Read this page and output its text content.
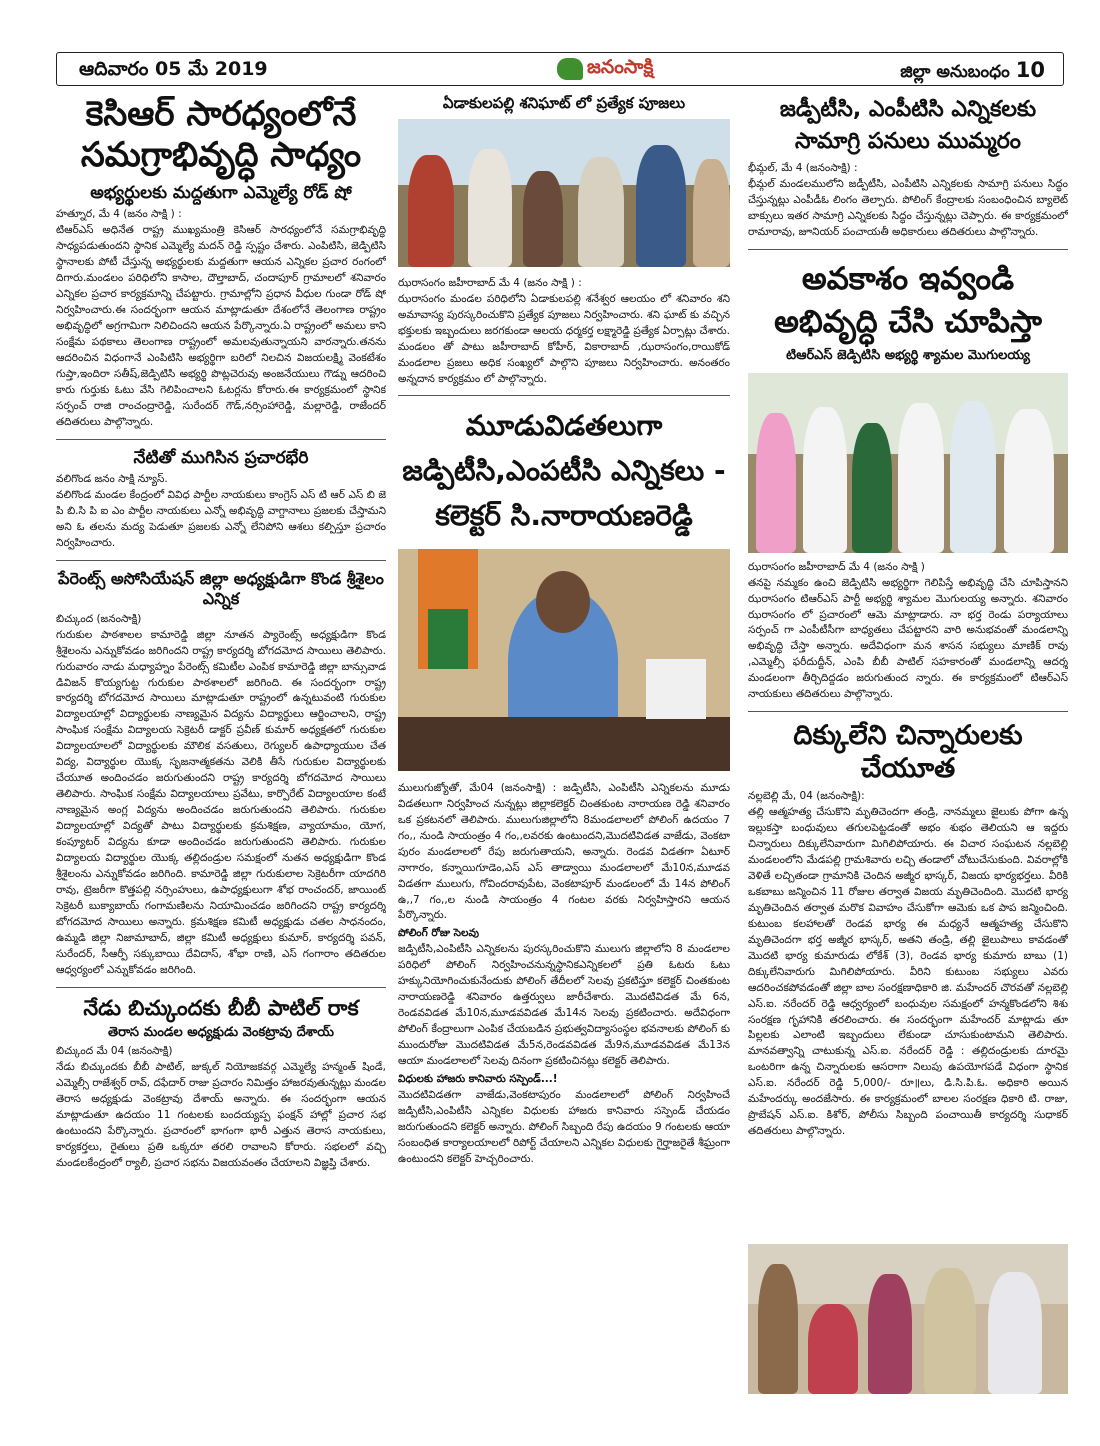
ఆదివారం 05 మే 2019	జనంసాక్షి	జిల్లా అనుబంధం 10
కెసిఆర్ సారధ్యంలోనే సమగ్రాభివృద్ధి సాధ్యం
అభ్యర్థులకు మద్దతుగా ఎమ్మెల్యే రోడ్ షో
హత్నూర, మే 4 (జనం సాక్షి ) :
టిఆర్ఎస్ అధినేత రాష్ట్ర ముఖ్యమంత్రి కెసిఆర్ సారధ్యంలోనే సమగ్రాభివృద్ధి సాధ్యపడుతుందని స్థానిక ఎమ్మెల్యే మదన్ రెడ్డి స్పష్టం చేశారు. ఎంపిటిసి, జెడ్పిటిసి స్థానాలకు పోటీ చేస్తున్న అభ్యర్థులకు మద్దతుగా ఆయన ఎన్నికల ప్రచార రంగంలో దిగారు.మండలం పరిధిలోని కాసాల, దౌల్తాబాద్, చందాపూర్ గ్రామాలలో శనివారం ఎన్నికల ప్రచార కార్యక్రమాన్ని చేపట్టారు. గ్రామాల్లోని ప్రధాన వీధుల గుండా రోడ్ షో నిర్వహించారు.ఈ సందర్భంగా ఆయన మాట్లాడుతూ దేశంలోనే తెలంగాణ రాష్ట్రం అభివృద్ధిలో అగ్రగామిగా నిలిచిందని ఆయన పేర్కొన్నారు.ఏ రాష్ట్రంలో అమలు కాని సంక్షేమ పథకాలు తెలంగాణ రాష్ట్రంలో అమలవుతున్నాయని వారన్నారు.తనను ఆదరించిన విధంగానే ఎంపిటిసి అభ్యర్థిగా బరిలో నిలచిన విజయలక్ష్మి వెంకటేశం గుప్తా,ఇందిరా సతీష్,జెడ్పిటిసి అభ్యర్థి పొట్లచెరువు అంజనేయులు గౌడ్ను ఆదరించి కారు గుర్తుకు ఓటు వేసి గెలిపించాలని ఓటర్లను కోరారు.ఈ కార్యక్రమంలో స్థానిక సర్పంచ్ రాజి రాంచంద్రారెడ్డి, సురేందర్ గౌడ్,నర్సింహారెడ్డి, మల్లారెడ్డి, రాజేందర్ తదితరులు పాల్గొన్నారు.
నేటితో ముగిసిన ప్రచారభేరి
వలిగొండ జనం సాక్షి న్యూస్.
వలిగొండ మండల కేంద్రంలో వివిధ పార్టీల నాయకులు కాంగ్రెస్ ఎస్ టి ఆర్ ఎస్ బి జె పి బి.సి పి ఐ ఎం పార్టీల నాయకులు ఎన్నో అభివృద్ధి వాగ్దానాలు ప్రజలకు చేస్తామని అని ఓ తలను మద్య పెడుతూ ప్రజలకు ఎన్నో లేనిపోని ఆశలు కల్పిస్తూ ప్రచారం నిర్వహించారు.
పేరెంట్స్ అసోసియేషన్ జిల్లా అధ్యక్షుడిగా కొండ శ్రీశైలం ఎన్నిక
బిచ్కుంద (జనంసాక్షి)
గురుకుల పాఠశాలల కామారెడ్డి జిల్లా నూతన ప్యారెంట్స్ అధ్యక్షుడిగా కొండ శ్రీశైలంను ఎన్నుకోవడం జరిగిందని రాష్ట్ర కార్యదర్శి బోగదమోద సాయిలు తెలిపారు. గురువారం నాడు మధ్యాహ్నం పేరెంట్స్ కమిటీల ఎంపిక కామారెడ్డి జిల్లా బాన్సువాడ డివిజన్ కొయ్యగుట్ట గురుకుల పాఠశాలలో జరిగింది. ఈ సందర్భంగా రాష్ట్ర కార్యదర్శి బోగదమోద సాయిలు మాట్లాడుతూ రాష్ట్రంలో ఉన్నటువంటి గురుకుల విద్యాలయాల్లో విద్యార్థులకు నాణ్యమైన విద్యను విద్యార్థులు ఆర్జించాలని, రాష్ట్ర సాంఘిక సంక్షేమ విద్యాలయ సెక్రెటరీ డాక్టర్ ప్రవీణ్ కుమార్ అధ్యక్షతలో గురుకుల విద్యాలయాలలో విద్యార్థులకు మౌలిక వసతులు, రెగ్యులర్ ఉపాధ్యాయుల చేత విద్య, విద్యార్థుల యొక్క సృజనాత్మకతను వెలికి తీసే గురుకుల విద్యార్థులకు చేయూత అందించడం జరుగుతుందని రాష్ట్ర కార్యదర్శి బోగదమోద సాయిలు తెలిపారు. సాంఘిక సంక్షేమ విద్యాలయాలు ప్రవేటు, కార్పొరేట్ విద్యాలయాల కంటే నాణ్యమైన అంగ్ల విద్యను అందించడం జరుగుతుందని తెలిపారు. గురుకుల విద్యాలయాల్లో విద్యతో పాటు విద్యార్థులకు క్రమశిక్షణ, వ్యాయామం, యోగ, కంప్యూటర్ విద్యను కూడా అందించడం జరుగుతుందని తెలిపారు. గురుకుల విద్యాలయ విద్యార్థుల యొక్క తల్లిదండ్రుల సమక్షంలో నుతన అధ్యక్షుడిగా కొండ శ్రీశైలంను ఎన్నుకోవడం జరిగింది. కామారెడ్డి జిల్లా గురుకులాల సెక్రెటరీగా యాదగిరి రావు, ట్రెజరీగా కొత్తపల్లి నర్సింహులు, ఉపాధ్యక్షులుగా శోభ రాంచందర్, జాయింట్ సెక్రెటరీ బుక్యాబాయ్ గంగామణిలను నియామించడం జరిగిందని రాష్ట్ర కార్యదర్శి బోగదమోద సాయిలు అన్నారు. క్రమశిక్షణ కమిటీ అధ్యక్షుడు చతల సాధనందం, ఉమ్మడి జిల్లా నిజామాబాద్, జిల్లా కమిటీ అధ్యక్షులు కుమార్, కార్యదర్శి పవన్, సురేందర్, సీఆర్పీ సక్కుబాయి దేవిదాస్, శోభా రాణి, ఎస్ గంగారాం తదితరుల ఆధ్వర్యంలో ఎన్నుకోవడం జరిగింది.
నేడు బిచ్కుందకు బీబీ పాటిల్ రాక
తెరాస మండల అధ్యక్షుడు వెంకట్రావు దేశాయ్
బిచ్కుంద మే 04 (జనంసాక్షి)
నేడు బిచ్కుందకు బీబీ పాటిల్, జుక్కల్ నియోజకవర్గ ఎమ్మెల్యే హన్మంత్ షిండే, ఎమ్మెల్సీ రాజేశ్వర్ రావ్, దఫేదార్ రాజు ప్రచారం నిమిత్తం హాజరవుతున్నట్లు మండల తెరాస అధ్యక్షుడు వెంకట్రావు దేశాయ్ అన్నారు. ఈ సందర్భంగా ఆయన మాట్లాడుతూ ఉదయం 11 గంటలకు బందయ్యప్ప ఫంక్షన్ హాల్లో ప్రచార సభ ఉంటుందని పేర్కొన్నారు. ప్రచారంలో భాగంగా భారీ ఎత్తున తెరాస నాయకులు, కార్యకర్తలు, రైతులు ప్రతి ఒక్కరూ తరలి రావాలని కోరారు. సభలలో వచ్చి మండలకేంద్రంలో ర్యాలీ, ప్రచార సభను విజయవంతం చేయాలని విజ్ఞప్తి చేశారు.
ఏడాకులపల్లి శనిఘాట్ లో ప్రత్యేక పూజలు
ఝరాసంగం జహీరాబాద్ మే 4 (జనం సాక్షి ) :
ఝరాసంగం మండల పరిధిలోని ఏడాకులపల్లి శనేశ్వర ఆలయం లో శనివారం శని అమావాస్య పురస్కరించుకొని ప్రత్యేక పూజలు నిర్వహించారు. శని ఘాట్ కు వచ్చిన భక్తులకు ఇబ్బందులు జరగకుండా ఆలయ ధర్మకర్త లక్ష్మారెడ్డి ప్రత్యేక ఏర్పాట్లు చేశారు. మండలం తో పాటు జహీరాబాద్ కోహీర్, వికారాబాద్ ,ఝరాసంగం,రాయికోడ్ మండలాల ప్రజలు అధిక సంఖ్యలో పాల్గొని పూజలు నిర్వహించారు. అనంతరం అన్నదాన కార్యక్రమం లో పాల్గొన్నారు.
మూడువిడతలుగా జడ్పిటీసి,ఎంపటీసి ఎన్నికలు - కలెక్టర్ సి.నారాయణరెడ్డి
ములుగుజ్యోతో, మే04 (జనంసాక్షి) : జడ్పిటీసి, ఎంపిటీసి ఎన్నికలను మూడు విడతలుగా నిర్వహించ నున్నట్లు జిల్లాకలెక్టర్ చింతకుంట నారాయణ రెడ్డి శనివారం ఒక ప్రకటనలో తెలిపారు. ములుగుజిల్లాలోని 8మండలాలలో పోలింగ్ ఉదయం 7 గం,, నుండి సాయంత్రం 4 గం,,లవరకు ఉంటుందని,మొదటివిడత వాజేడు, వెంకటా పురం మండలాలలో రేపు జరుగుతాయని, అన్నారు. రెండవ విడతగా ఏటూర్ నాగారం, కన్నాయిగూడెం,ఎస్ ఎస్ తాడ్వాయి మండలాలలో మే10న,మూడవ విడతగా ములుగు, గోవిందరావుపేట, వెంకటాపూర్ మండలంలో మే 14న పోలింగ్ ఉ,,7 గం,,ల నుండి సాయంత్రం 4 గంటల వరకు నిర్వహిస్తారని ఆయన పేర్కొన్నారు.
పోలింగ్ రోజు సెలవు
జడ్పిటీసి,ఎంపిటీసి ఎన్నికలను పురస్కరించుకొని ములుగు జిల్లాలోని 8 మండలాల పరిధిలో పోలింగ్ నిర్వహించనున్నస్థానికఎన్నికలలో ప్రతి ఓటరు ఓటు హక్కునియోగించుకునేందుకు పోలింగ్ తేదీలలో సెలవు ప్రకటిస్తూ కలెక్టర్ చింతకుంట నారాయణరెడ్డి శనివారం ఉత్తర్వులు జారీచేశారు. మొదటివిడత మే 6న, రెండవవిడత మే10న,మూడవవిడత మే14న సెలవు ప్రకటించారు. అదేవిధంగా పోలింగ్ కేంద్రాలుగా ఎంపిక చేయబడిన ప్రభుత్వవిద్యాసంస్థల భవనాలకు పోలింగ్ కు ముందురోజు మొదటివిడత మే5న,రెండవవిడత మే9న,మూడవవిడత మే13న ఆయా మండలాలలో సెలవు దినంగా ప్రకటించినట్లు కలెక్టర్ తెలిపారు.
విధులకు హాజరు కానివారు సస్పెండ్...!
మొదటివిడతగా వాజేడు,వెంకటాపురం మండలాలలో పోలింగ్ నిర్వహించే జడ్పిటీసి,ఎంపిటీసి ఎన్నికల విధులకు హాజరు కానివారు సస్పెండ్ చేయడం జరుగుతుందని కలెక్టర్ అన్నారు. పోలింగ్ సిబ్బంది రేపు ఉదయం 9 గంటలకు ఆయా సంబంధిత కార్యాలయాలలో రిపోర్ట్ చేయాలని ఎన్నికల విధులకు గైర్హాజరైతే శీఘ్రంగా ఉంటుందని కలెక్టర్ హెచ్చరించారు.
జడ్పీటీసి, ఎంపీటిసి ఎన్నికలకు సామాగ్రి పనులు ముమ్మరం
భీమ్గల్, మే 4 (జనంసాక్షి) :
భీమ్గల్ మండలములోని జడ్పీటీసి, ఎంపీటిసి ఎన్నికలకు సామాగ్రి పనులు సిద్ధం చేస్తున్నట్లు ఎంపీడీఓ లింగం తెల్పారు. పోలింగ్ కేంద్రాలకు సంబంధించిన బ్యాలెట్ బాక్సులు ఇతర సామాగ్రి ఎన్నికలకు సిద్ధం చేస్తున్నట్లు చెప్పారు. ఈ కార్యక్రమంలో రామారావు, జూనియర్ పంచాయతీ అధికారులు తదితరులు పాల్గొన్నారు.
అవకాశం ఇవ్వండి అభివృద్ధి చేసి చూపిస్తా
టిఆర్ఎస్ జెడ్పిటిసి అభ్యర్థి శ్యామల మొగులయ్య
ఝరాసంగం జహీరాబాద్ మే 4 (జనం సాక్షి )
తనపై నమ్మకం ఉంచి జెడ్పిటిసి అభ్యర్థిగా గెలిపిస్తే అభివృద్ధి చేసి చూపిస్తానని ఝరాసంగం టిఆర్ఎస్ పార్టీ అభ్యర్థి శ్యామల మొగులయ్య అన్నారు. శనివారం ఝరాసంగం లో ప్రచారంలో ఆమె మాట్లాడారు. నా భర్త రెండు పర్యాయాలు సర్పంచ్ గా ఎంపీటీసీగా బాధ్యతలు చేపట్టారని వారి అనుభవంతో మండలాన్ని అభివృద్ధి చేస్తా అన్నారు. అదేవిధంగా మన శాసన సభ్యులు మాణిక్ రావు ,ఎమ్మెల్సీ ఫరీదుద్దీన్, ఎంపి బీబీ పాటిల్ సహకారంతో మండలాన్ని ఆదర్శ మండలంగా తీర్చిదిద్దడం జరుగుతుంద న్నారు. ఈ కార్యక్రమంలో టిఆర్ఎస్ నాయకులు తదితరులు పాల్గొన్నారు.
దిక్కులేని చిన్నారులకు చేయూత
నల్లబెల్లి మే, 04 (జనంసాక్షి):
తల్లి ఆత్మహత్య చేసుకొని మృతిచెందగా తండ్రి, నానమ్మలు జైలుకు పోగా ఉన్న ఇల్లుకస్తా బంధువులు తగులపెట్టడంతో అభం శుభం తెలియని ఆ ఇద్దరు చిన్నారులు దిక్కులేనివారుగా మిగిలిపోయారు. ఈ విచార సంఘటన నల్లబెల్లి మండలంలోని మేడపల్లి గ్రామశివారు లచ్చి తండాలో చోటుచేసుకుంది. వివరాల్లోకి వెళితే లచ్చితండా గ్రామానికి చెందిన అజ్మీర భాస్కర్, విజయ భార్యభర్తలు. వీరికి ఒకబాబు జన్మించిన 11 రోజుల తర్వాత విజయ మృతిచెందింది. మొదటి భార్య మృతిచెందిన తర్వాత మరొక వివాహం చేసుకోగా ఆమెకు ఒక పాప జన్మించింది. కుటుంబ కలహాలతో రెండవ భార్య ఈ మధ్యనే ఆత్మహత్య చేసుకొని మృతిచెందగా భర్త అజ్మీర భాస్కర్, అతని తండ్రి, తల్లి జైలుపాలు కావడంతో మొదటి భార్య కుమారుడు లోకేశ్ (3), రెండవ భార్య కుమారు బాబు (1) దిక్కులేనివారుగు మిగిలిపోయారు. వీరిని కుటుంబ సభ్యులు ఎవరు ఆదరించకపోవడంతో జిల్లా బాల సంరక్షణాధికారి జి. మహేందర్ చొరవతో నల్లబెల్లి ఎస్.ఐ. నరేందర్ రెడ్డి ఆధ్వర్యంలో బంధువుల సమక్షంలో హన్మకొండలోని శిశు సంరక్షణ గృహానికి తరలించారు. ఈ సందర్భంగా మహేందర్ మాట్లాడు తూ పిల్లలకు ఎలాంటి ఇబ్బందులు లేకుండా చూసుకుంటామని తెలిపారు. మానవత్వాన్ని చాటుకున్న ఎస్.ఐ. నరేందర్ రెడ్డి : తల్లిదండ్రులకు దూరమై ఒంటరిగా ఉన్న చిన్నారులకు ఆసరాగా నిలుపు ఉపయోగపడే విధంగా స్థానిక ఎస్.ఐ. నరేందర్ రెడ్డి 5,000/- రూ॥లు, డి.సి.పి.ఓ. అధికారి అయిన మహేందర్కు అందజేసారు. ఈ కార్యక్రమంలో బాలల సంరక్షణ ధికారి టి. రాజు, ప్రొబేషన్ ఎస్.ఐ. కిశోర్, పోలీసు సిబ్బంది పంచాయితీ కార్యదర్శి సుధాకర్ తదితరులు పాల్గొన్నారు.
